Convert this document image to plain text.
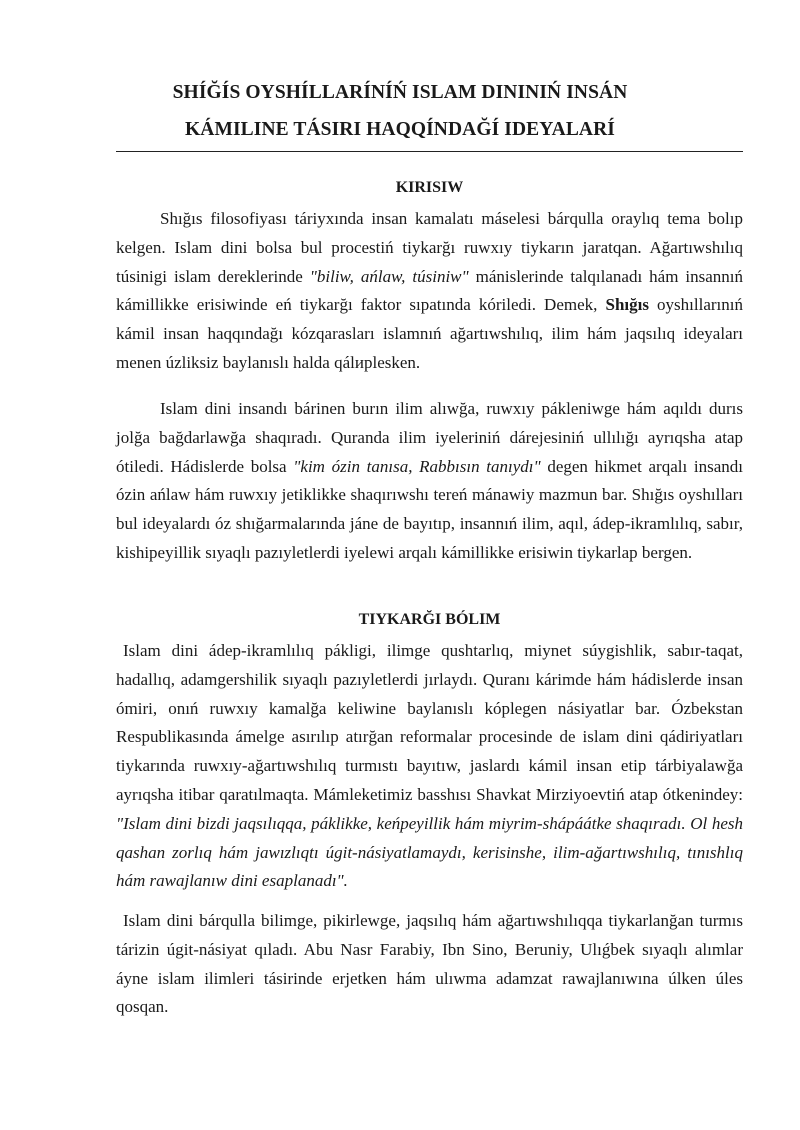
SHÍĞÍS OYSHÍLLARÍNÍŃ ISLAM DININIŃ INSÁN
KÁMILINE TÁSIRI HAQQÍNDAĞÍ IDEYALARÍ
KIRISIW

Shığıs filosofiyası táriyxında insan kamalatı máselesi bárqulla oraylıq tema bolıp kelgen. Islam dini bolsa bul procestiń tiykarğı ruwxıy tiykarın jaratqan. Ağartıwshılıq túsinigi islam dereklerinde "biliw, ańlaw, túsiniw" mánislerinde talqılanadı hám insannıń kámillikke erisiwinde eń tiykarğı faktor sıpatında kóriledi. Demek, Shığıs oyshıllarınıń kámil insan haqqındağı kózqarasları islamnıń ağartıwshılıq, ilim hám jaqsılıq ideyaları menen úzliksiz baylanıslı halda qálиplesken.

Islam dini insandı bárinen burın ilim alıwğa, ruwxıy pákleniwge hám aqıldı durıs jolğa bağdarlawğa shaqıradı. Quranda ilim iyeleriniń dárejesiniń ullılığı ayrıqsha atap ótiledi. Hádislerde bolsa "kim ózin tanısa, Rabbısın tanıydı" degen hikmet arqalı insandı ózin ańlaw hám ruwxıy jetiklikke shaqırıwshı tereń mánawiy mazmun bar. Shığıs oyshılları bul ideyalardı óz shığarmalarında jáne de bayıtıp, insannıń ilim, aqıl, ádep-ikramlılıq, sabır, kishipeyillik sıyaqlı pazıyletlerdi iyelewi arqalı kámillikke erisiwin tiykarlap bergen.

TIYKARĞI BÓLIM

Islam dini ádep-ikramlılıq pákligi, ilimge qushtarlıq, miynet súygishlik, sabır-taqat, hadallıq, adamgershilik sıyaqlı pazıyletlerdi jırlaydı. Quranı kárimde hám hádislerde insan ómiri, onıń ruwxıy kamalğa keliwine baylanıslı kóplegen násiyatlar bar. Ózbekstan Respublikasında ámelge asırılıp atırğan reformalar procesinde de islam dini qádiriyatları tiykarında ruwxıy-ağartıwshılıq turmıstı bayıtıw, jaslardı kámil insan etip tárbiyalawğa ayrıqsha itibar qaratılmaqta. Mámleketimiz basshısı Shavkat Mirziyoevtiń atap ótkenindey: "Islam dini bizdi jaqsılıqqa, páklikke, keńpeyillik hám miyrim-shápáátke shaqıradı. Ol hesh qashan zorlıq hám jawızlıqtı úgit-násiyatlamaydı, kerisinshe, ilim-ağartıwshılıq, tınıshlıq hám rawajlanıw dini esaplanadı".

Islam dini bárqulla bilimge, pikirlewge, jaqsılıq hám ağartıwshılıqqa tiykarlanğan turmıs tárizin úgit-násiyat qıladı. Abu Nasr Farabiy, Ibn Sino, Beruniy, Ulıǵbek sıyaqlı alımlar áyne islam ilimleri tásirinde erjetken hám ulıwma adamzat rawajlanıwına úlken úles qosqan.
